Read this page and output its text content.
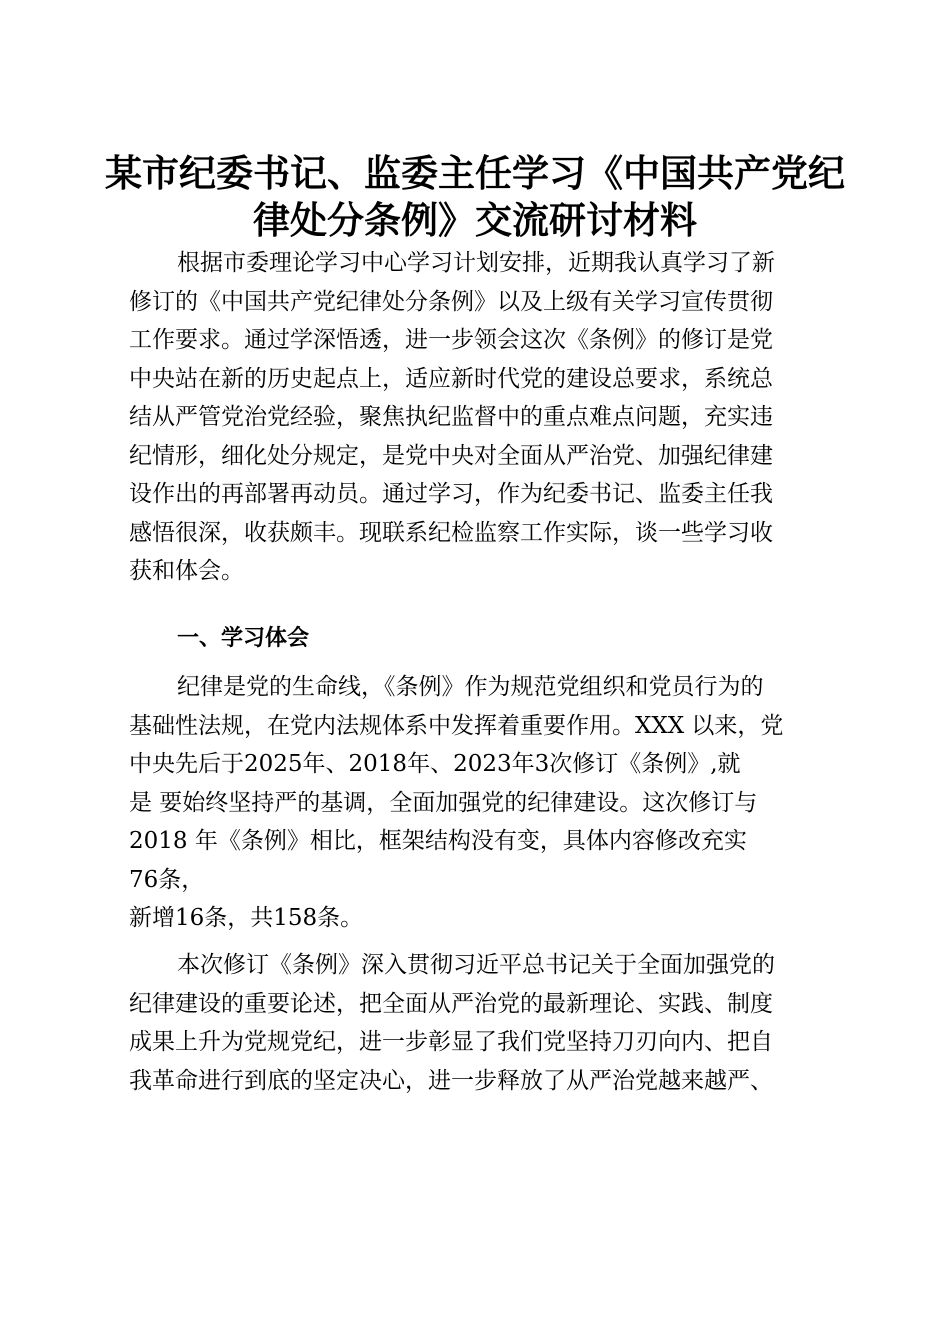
某市纪委书记、监委主任学习《中国共产党纪
律处分条例》交流研讨材料
根据市委理论学习中心学习计划安排，近期我认真学习了新
修订的《中国共产党纪律处分条例》以及上级有关学习宣传贯彻
工作要求。通过学深悟透，进一步领会这次《条例》的修订是党
中央站在新的历史起点上，适应新时代党的建设总要求，系统总
结从严管党治党经验，聚焦执纪监督中的重点难点问题，充实违
纪情形，细化处分规定，是党中央对全面从严治党、加强纪律建
设作出的再部署再动员。通过学习，作为纪委书记、监委主任我
感悟很深，收获颇丰。现联系纪检监察工作实际，谈一些学习收
获和体会。
一、学习体会
纪律是党的生命线，《条例》作为规范党组织和党员行为的
基础性法规，在党内法规体系中发挥着重要作用。XXX 以来，党
中央先后于2025年、2018年、2023年3次修订《条例》,就
是 要始终坚持严的基调，全面加强党的纪律建设。这次修订与
2018 年《条例》相比，框架结构没有变，具体内容修改充实
76条，
新增16条，共158条。
本次修订《条例》深入贯彻习近平总书记关于全面加强党的
纪律建设的重要论述，把全面从严治党的最新理论、实践、制度
成果上升为党规党纪，进一步彰显了我们党坚持刀刃向内、把自
我革命进行到底的坚定决心，进一步释放了从严治党越来越严、
